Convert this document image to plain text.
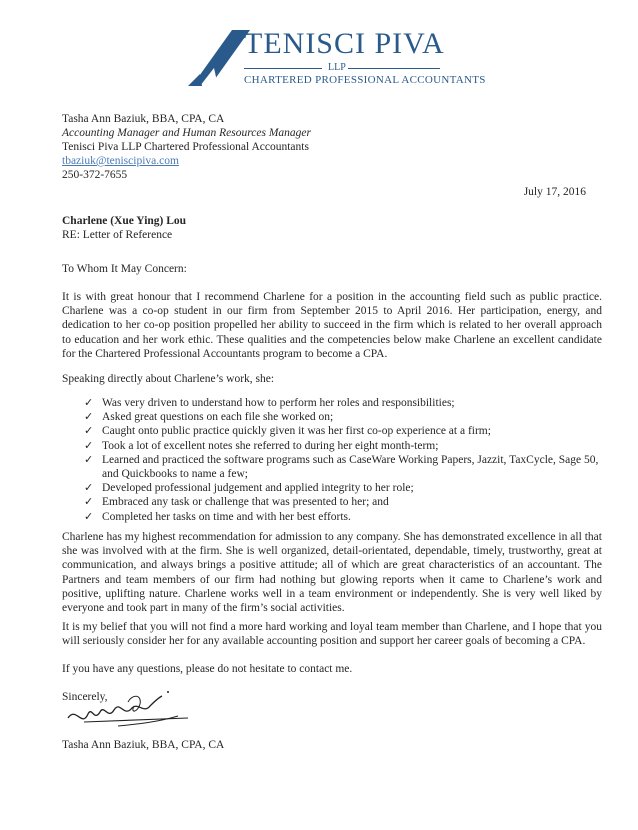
TENISCI PIVA
LLP
CHARTERED PROFESSIONAL ACCOUNTANTS
Tasha Ann Baziuk, BBA, CPA, CA
Accounting Manager and Human Resources Manager
Tenisci Piva LLP Chartered Professional Accountants
tbaziuk@teniscipiva.com
250-372-7655
July 17, 2016
Charlene (Xue Ying) Lou
RE: Letter of Reference
To Whom It May Concern:
It is with great honour that I recommend Charlene for a position in the accounting field such as public practice. Charlene was a co-op student in our firm from September 2015 to April 2016. Her participation, energy, and dedication to her co-op position propelled her ability to succeed in the firm which is related to her overall approach to education and her work ethic. These qualities and the competencies below make Charlene an excellent candidate for the Chartered Professional Accountants program to become a CPA.
Speaking directly about Charlene’s work, she:
✓ Was very driven to understand how to perform her roles and responsibilities;
✓ Asked great questions on each file she worked on;
✓ Caught onto public practice quickly given it was her first co-op experience at a firm;
✓ Took a lot of excellent notes she referred to during her eight month-term;
✓ Learned and practiced the software programs such as CaseWare Working Papers, Jazzit, TaxCycle, Sage 50, and Quickbooks to name a few;
✓ Developed professional judgement and applied integrity to her role;
✓ Embraced any task or challenge that was presented to her; and
✓ Completed her tasks on time and with her best efforts.
Charlene has my highest recommendation for admission to any company. She has demonstrated excellence in all that she was involved with at the firm. She is well organized, detail-orientated, dependable, timely, trustworthy, great at communication, and always brings a positive attitude; all of which are great characteristics of an accountant. The Partners and team members of our firm had nothing but glowing reports when it came to Charlene’s work and positive, uplifting nature. Charlene works well in a team environment or independently. She is very well liked by everyone and took part in many of the firm’s social activities.
It is my belief that you will not find a more hard working and loyal team member than Charlene, and I hope that you will seriously consider her for any available accounting position and support her career goals of becoming a CPA.
If you have any questions, please do not hesitate to contact me.
Sincerely,
Tasha Ann Baziuk, BBA, CPA, CA
